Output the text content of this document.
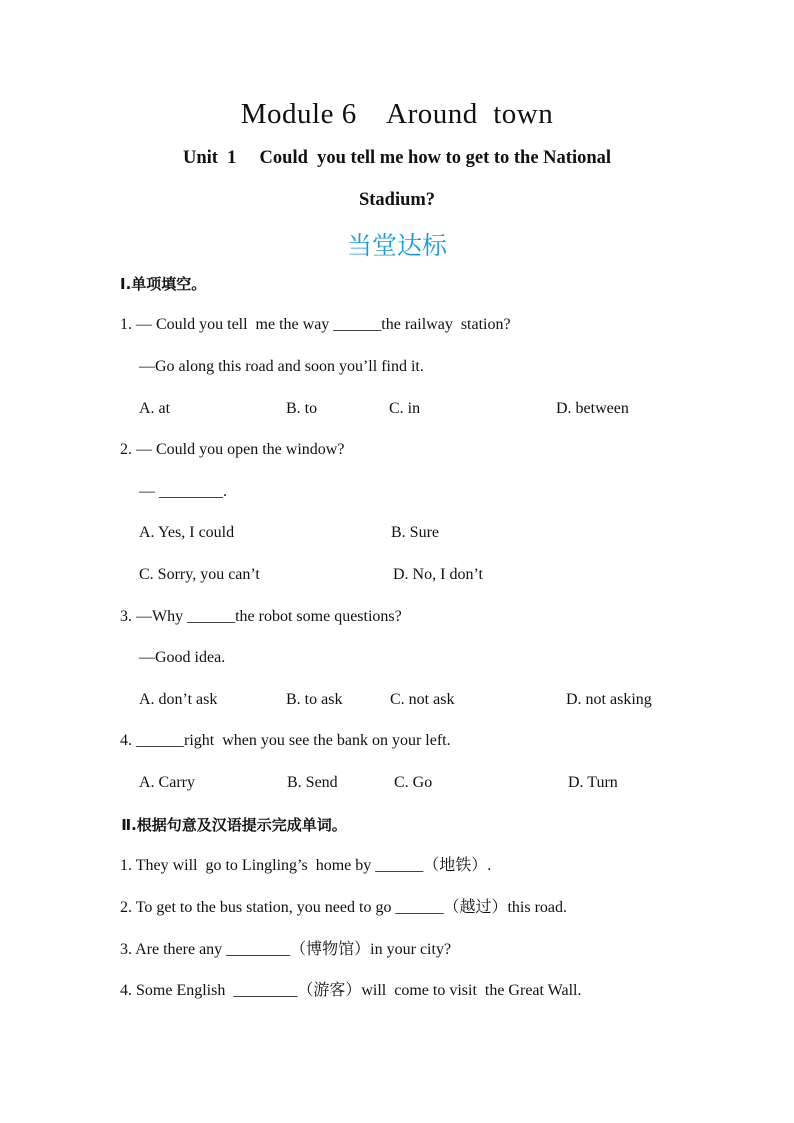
Module 6    Around  town
Unit  1     Could  you tell me how to get to the National
Stadium?
当堂达标
I.单项填空。
1. — Could you tell  me the way ______the railway  station?
—Go along this road and soon you’ll find it.
A. at	B. to	C. in	D. between
2. — Could you open the window?
— ________.
A. Yes, I could	B. Sure
C. Sorry, you can’t	D. No, I don’t
3. —Why ______the robot some questions?
—Good idea.
A. don’t ask	B. to ask	C. not ask	D. not asking
4. ______right  when you see the bank on your left.
A. Carry	B. Send	C. Go	D. Turn
Ⅱ.根据句意及汉语提示完成单词。
1. They will  go to Lingling’s  home by ______（地铁）.
2. To get to the bus station, you need to go ______（越过）this road.
3. Are there any ________（博物馆）in your city?
4. Some English  ________（游客）will  come to visit  the Great Wall.
